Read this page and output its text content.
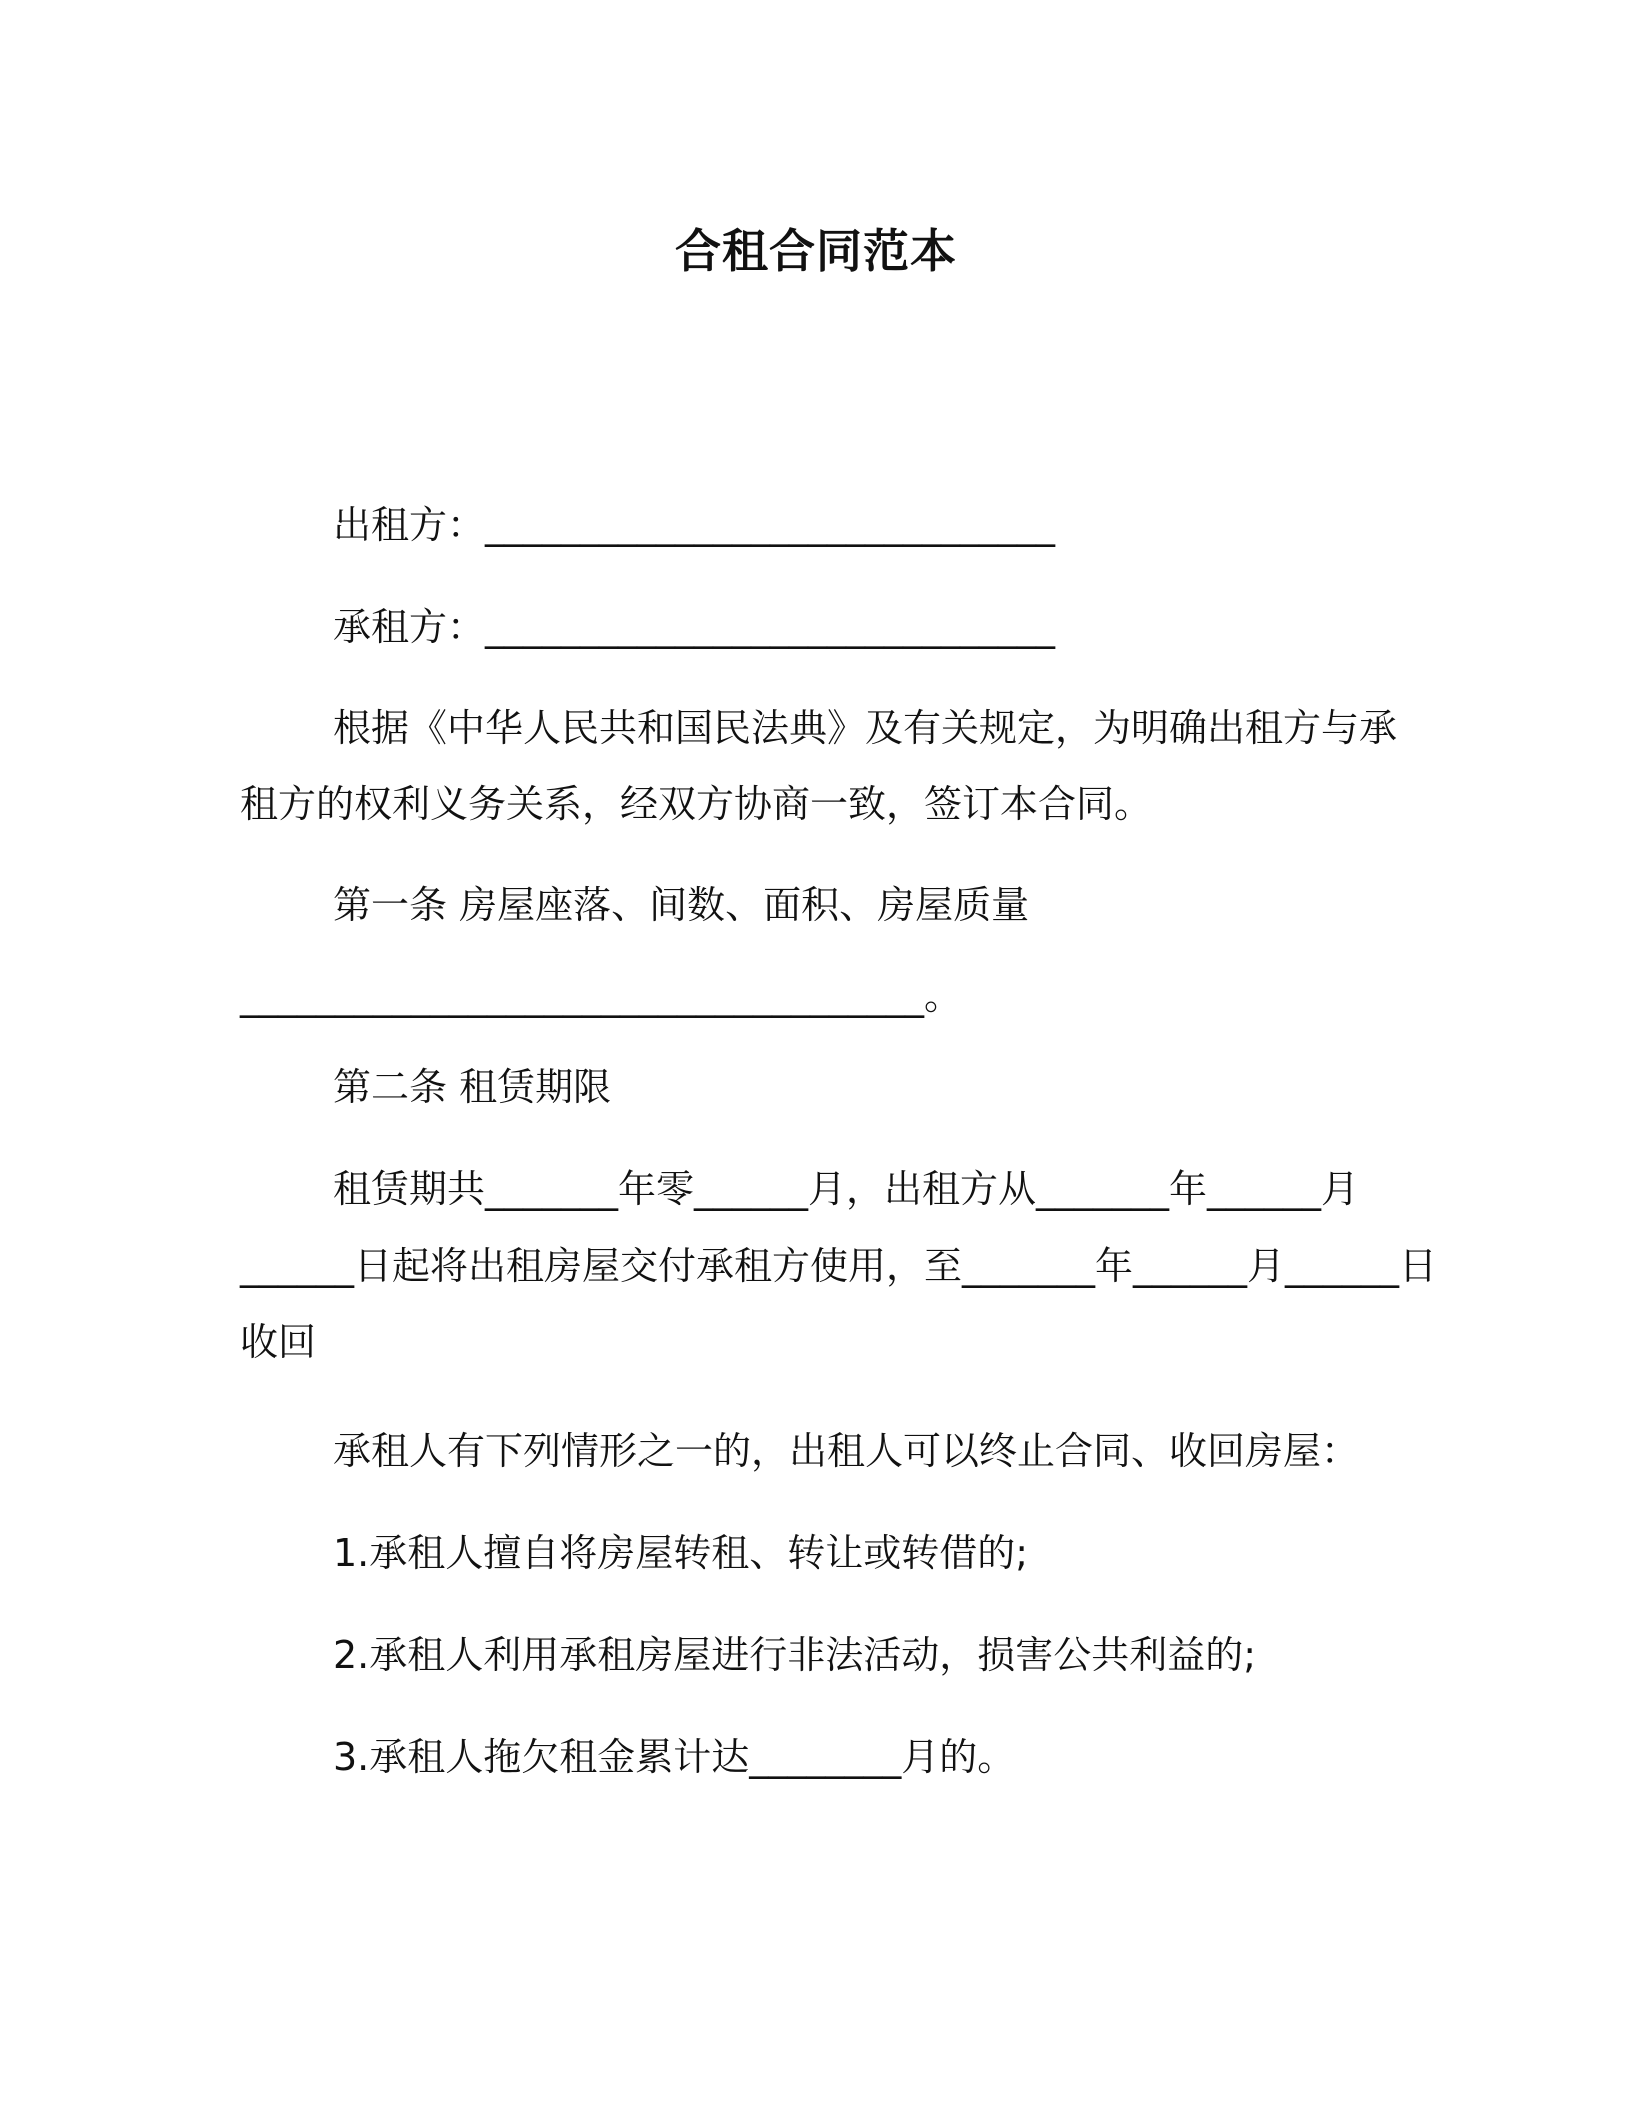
合租合同范本
出租方：______________________________
承租方：______________________________
根据《中华人民共和国民法典》及有关规定，为明确出租方与承
租方的权利义务关系，经双方协商一致，签订本合同。
第一条 房屋座落、间数、面积、房屋质量
____________________________________。
第二条 租赁期限
租赁期共_______年零______月，出租方从_______年______月
______日起将出租房屋交付承租方使用，至_______年______月______日
收回
承租人有下列情形之一的，出租人可以终止合同、收回房屋：
1.承租人擅自将房屋转租、转让或转借的;
2.承租人利用承租房屋进行非法活动，损害公共利益的;
3.承租人拖欠租金累计达________月的。
